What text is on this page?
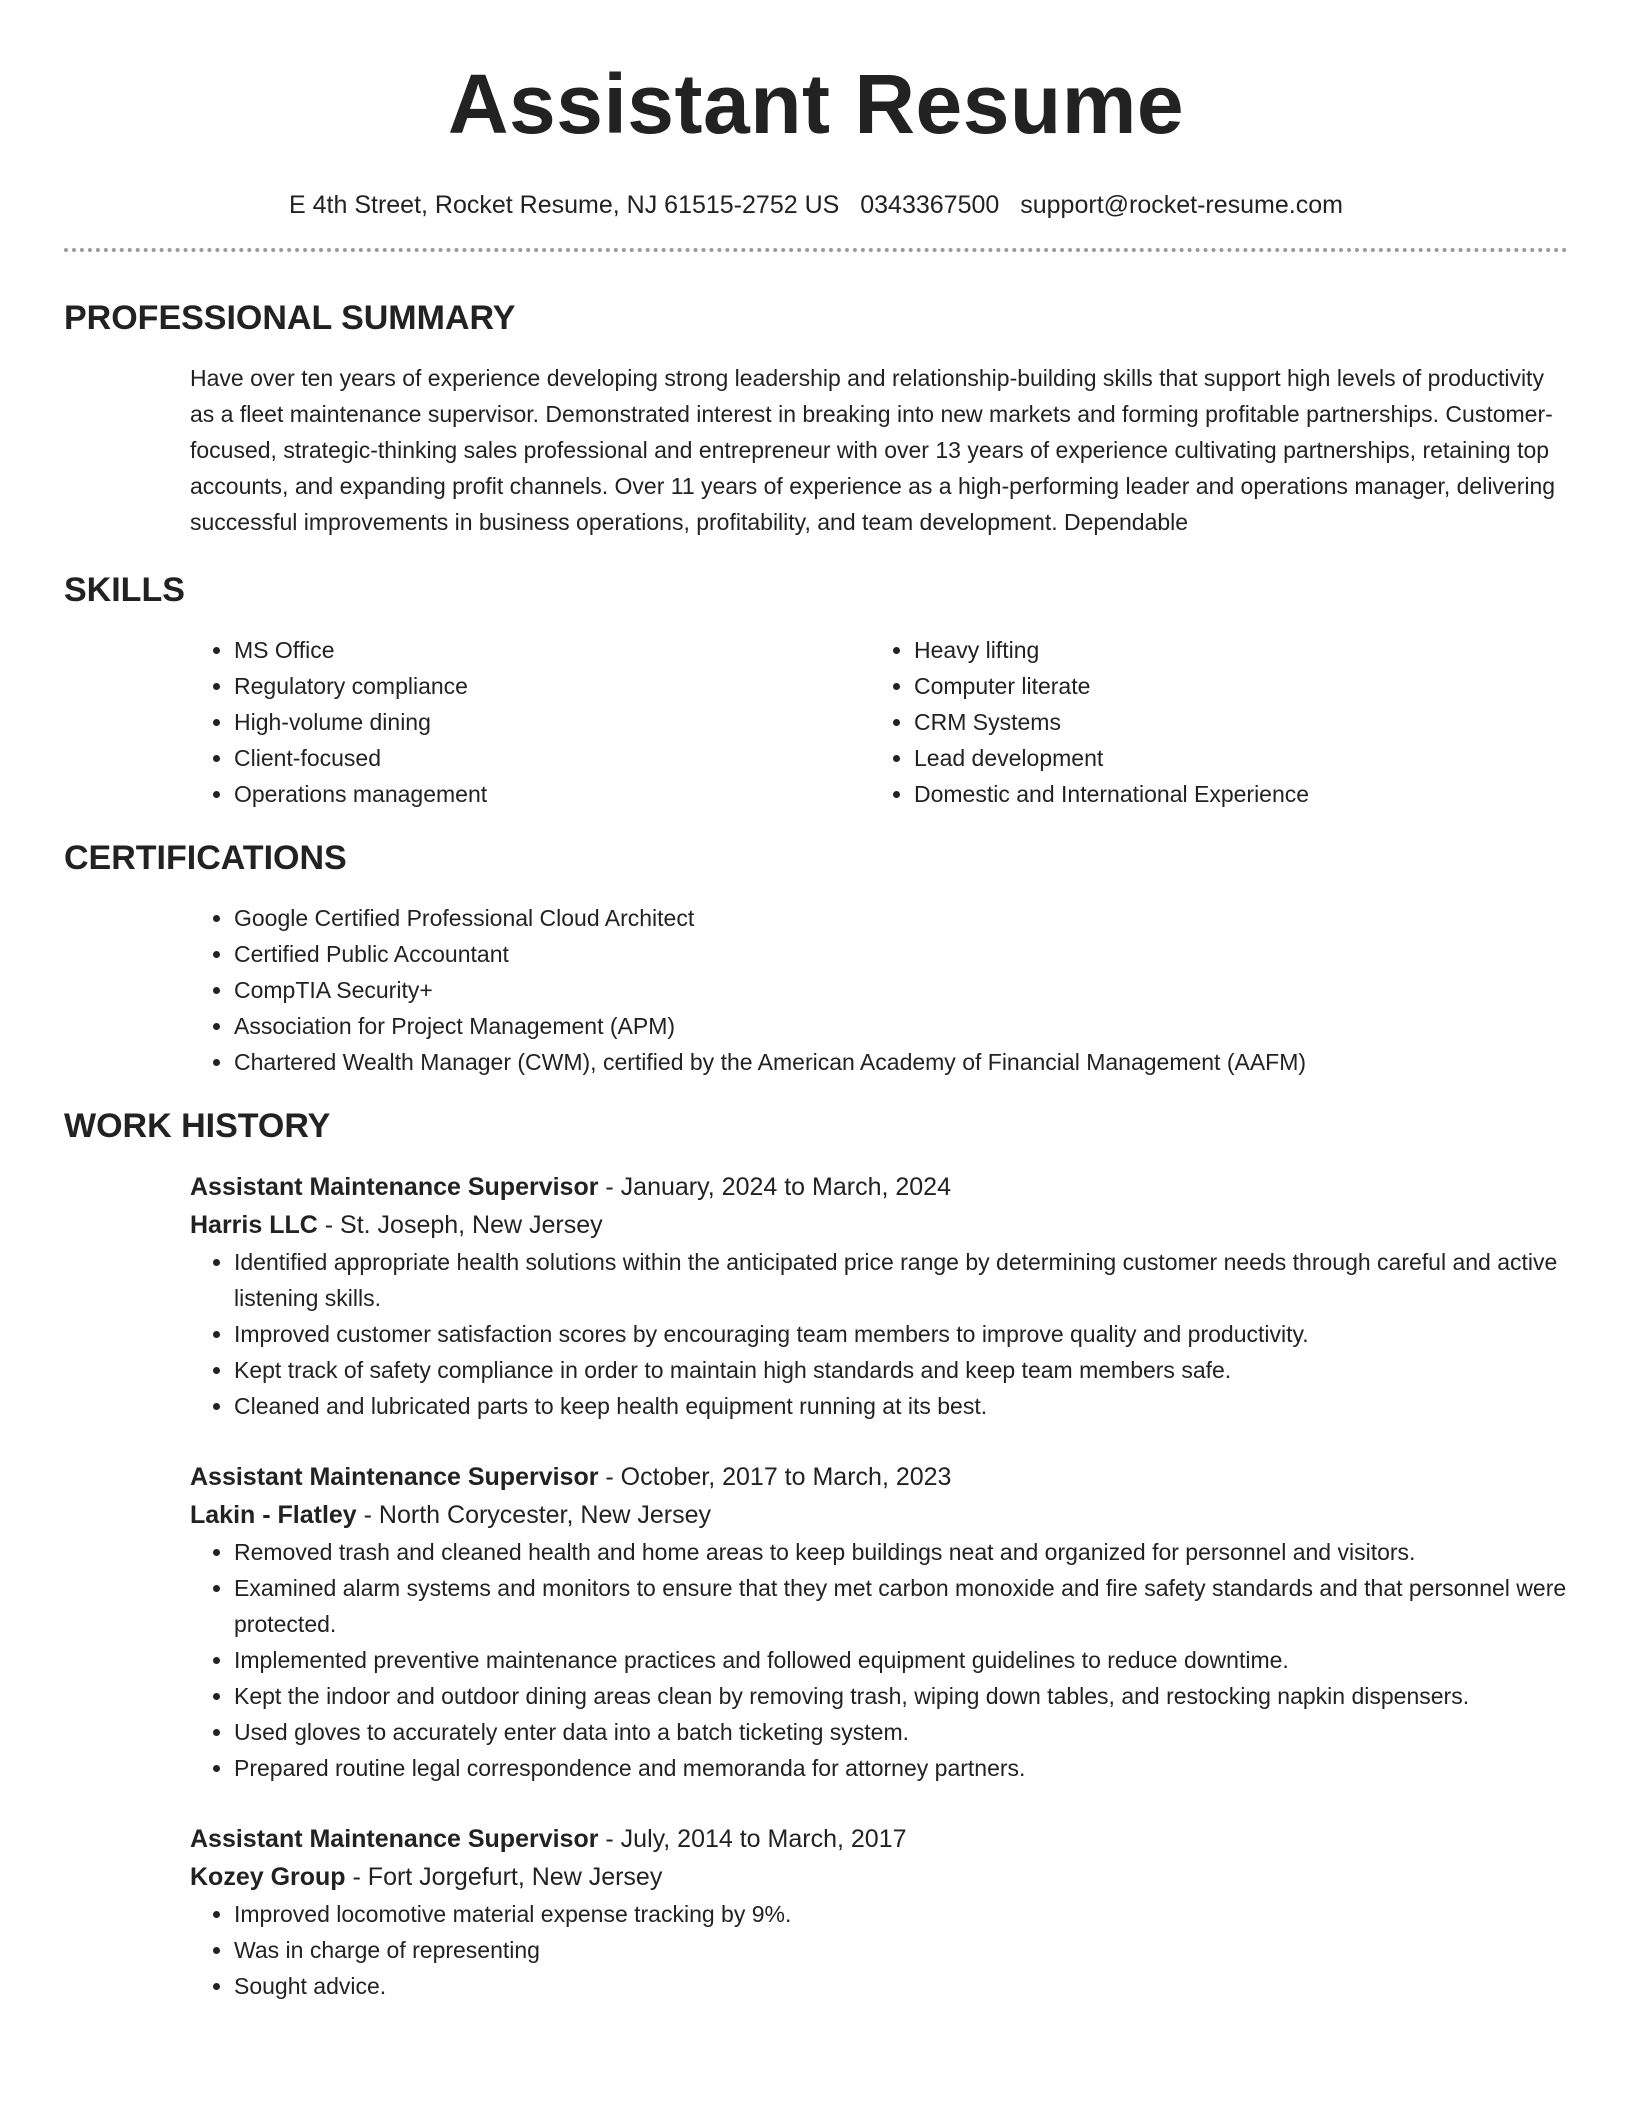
Assistant Resume
E 4th Street, Rocket Resume, NJ 61515-2752 US 0343367500 support@rocket-resume.com
PROFESSIONAL SUMMARY

Have over ten years of experience developing strong leadership and relationship-building skills that support high levels of productivity as a fleet maintenance supervisor. Demonstrated interest in breaking into new markets and forming profitable partnerships. Customer-focused, strategic-thinking sales professional and entrepreneur with over 13 years of experience cultivating partnerships, retaining top accounts, and expanding profit channels. Over 11 years of experience as a high-performing leader and operations manager, delivering successful improvements in business operations, profitability, and team development. Dependable

SKILLS
• MS Office
• Regulatory compliance
• High-volume dining
• Client-focused
• Operations management
• Heavy lifting
• Computer literate
• CRM Systems
• Lead development
• Domestic and International Experience
CERTIFICATIONS
• Google Certified Professional Cloud Architect
• Certified Public Accountant
• CompTIA Security+
• Association for Project Management (APM)
• Chartered Wealth Manager (CWM), certified by the American Academy of Financial Management (AAFM)
WORK HISTORY
Assistant Maintenance Supervisor - January, 2024 to March, 2024
Harris LLC - St. Joseph, New Jersey
• Identified appropriate health solutions within the anticipated price range by determining customer needs through careful and active listening skills.
• Improved customer satisfaction scores by encouraging team members to improve quality and productivity.
• Kept track of safety compliance in order to maintain high standards and keep team members safe.
• Cleaned and lubricated parts to keep health equipment running at its best.
Assistant Maintenance Supervisor - October, 2017 to March, 2023
Lakin - Flatley - North Corycester, New Jersey
• Removed trash and cleaned health and home areas to keep buildings neat and organized for personnel and visitors.
• Examined alarm systems and monitors to ensure that they met carbon monoxide and fire safety standards and that personnel were protected.
• Implemented preventive maintenance practices and followed equipment guidelines to reduce downtime.
• Kept the indoor and outdoor dining areas clean by removing trash, wiping down tables, and restocking napkin dispensers.
• Used gloves to accurately enter data into a batch ticketing system.
• Prepared routine legal correspondence and memoranda for attorney partners.
Assistant Maintenance Supervisor - July, 2014 to March, 2017
Kozey Group - Fort Jorgefurt, New Jersey
• Improved locomotive material expense tracking by 9%.
• Was in charge of representing
• Sought advice.
